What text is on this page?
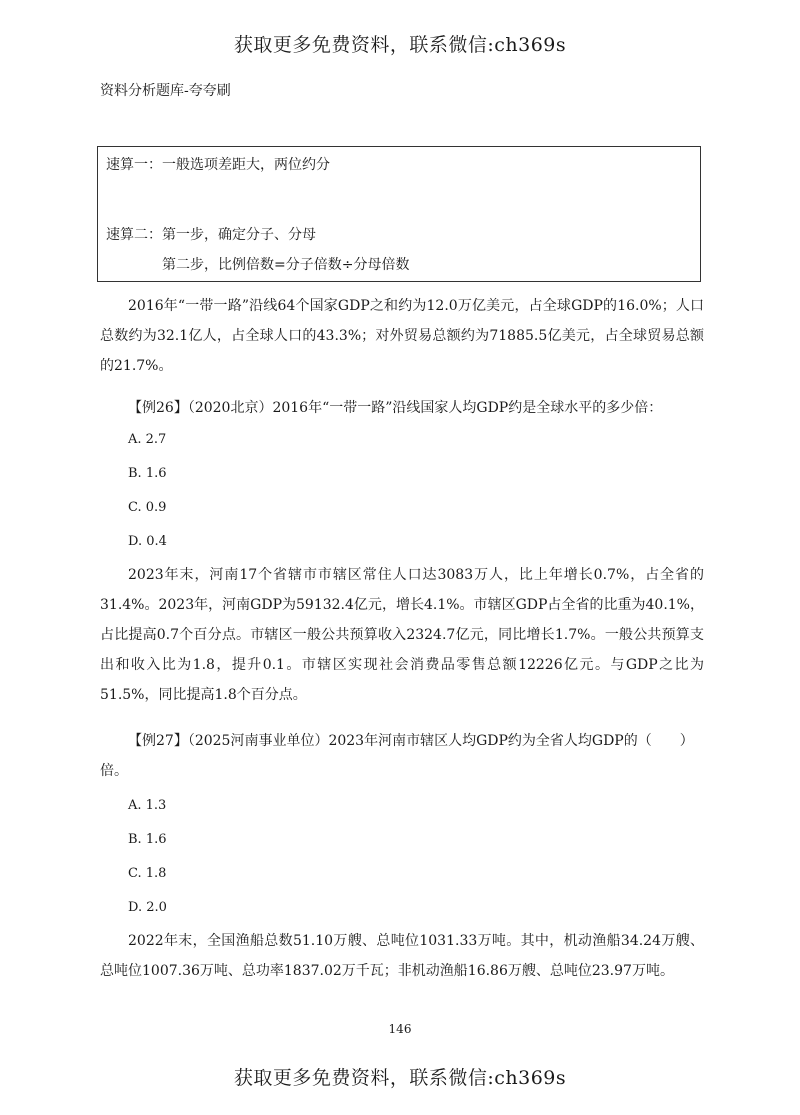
获取更多免费资料，联系微信:ch369s
资料分析题库-夸夸刷
速算一：一般选项差距大，两位约分
速算二：第一步，确定分子、分母
第二步，比例倍数=分子倍数÷分母倍数
2016年“一带一路”沿线64个国家GDP之和约为12.0万亿美元，占全球GDP的16.0%；人口总数约为32.1亿人，占全球人口的43.3%；对外贸易总额约为71885.5亿美元，占全球贸易总额的21.7%。
【例26】（2020北京）2016年“一带一路”沿线国家人均GDP约是全球水平的多少倍：
A. 2.7
B. 1.6
C. 0.9
D. 0.4
2023年末，河南17个省辖市市辖区常住人口达3083万人，比上年增长0.7%，占全省的31.4%。2023年，河南GDP为59132.4亿元，增长4.1%。市辖区GDP占全省的比重为40.1%，占比提高0.7个百分点。市辖区一般公共预算收入2324.7亿元，同比增长1.7%。一般公共预算支出和收入比为1.8，提升0.1。市辖区实现社会消费品零售总额12226亿元。与GDP之比为51.5%，同比提高1.8个百分点。
【例27】（2025河南事业单位）2023年河南市辖区人均GDP约为全省人均GDP的（　　）倍。
A. 1.3
B. 1.6
C. 1.8
D. 2.0
2022年末，全国渔船总数51.10万艘、总吨位1031.33万吨。其中，机动渔船34.24万艘、总吨位1007.36万吨、总功率1837.02万千瓦；非机动渔船16.86万艘、总吨位23.97万吨。
146
获取更多免费资料，联系微信:ch369s
